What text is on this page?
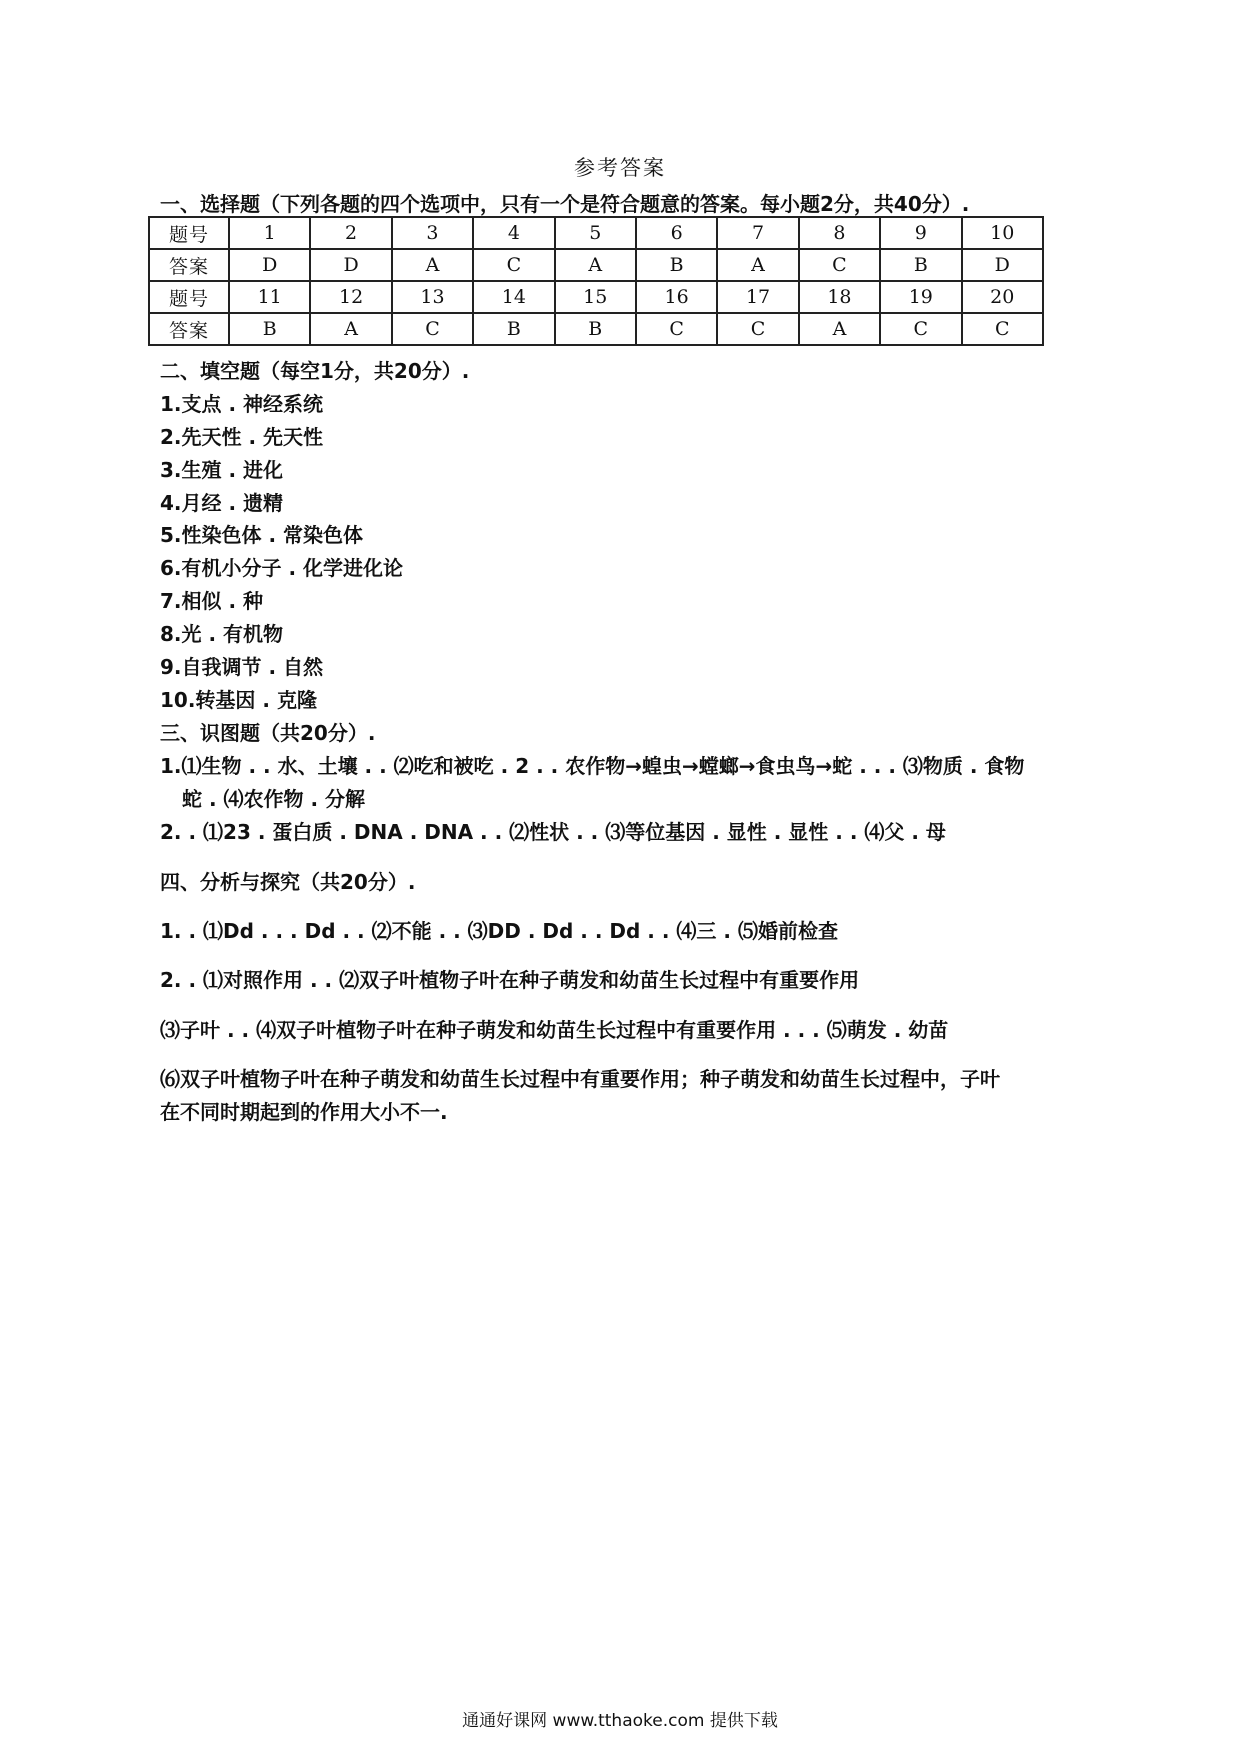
参考答案
一、选择题（下列各题的四个选项中，只有一个是符合题意的答案。每小题2分，共40分）.
题号	1	2	3	4	5	6	7	8	9	10
答案	D	D	A	C	A	B	A	C	B	D
题号	11	12	13	14	15	16	17	18	19	20
答案	B	A	C	B	B	C	C	A	C	C
二、填空题（每空1分，共20分）.
1.支点 . 神经系统
2.先天性 . 先天性
3.生殖 . 进化
4.月经 . 遗精
5.性染色体 . 常染色体
6.有机小分子 . 化学进化论
7.相似 . 种
8.光 . 有机物
9.自我调节 . 自然
10.转基因 . 克隆
三、识图题（共20分）.
1.⑴生物 . . 水、土壤 . . ⑵吃和被吃 . 2 . . 农作物→蝗虫→螳螂→食虫鸟→蛇 . . . ⑶物质 . 食物
蛇 . ⑷农作物 . 分解
2. . ⑴23 . 蛋白质 . DNA . DNA . . ⑵性状 . . ⑶等位基因 . 显性 . 显性 . . ⑷父 . 母
四、分析与探究（共20分）.
1. . ⑴Dd . . . Dd . . ⑵不能 . . ⑶DD . Dd . . Dd . . ⑷三 . ⑸婚前检查
2. . ⑴对照作用 . . ⑵双子叶植物子叶在种子萌发和幼苗生长过程中有重要作用
⑶子叶 . . ⑷双子叶植物子叶在种子萌发和幼苗生长过程中有重要作用 . . . ⑸萌发 . 幼苗
⑹双子叶植物子叶在种子萌发和幼苗生长过程中有重要作用；种子萌发和幼苗生长过程中，子叶
在不同时期起到的作用大小不一.
通通好课网 www.tthaoke.com 提供下载
